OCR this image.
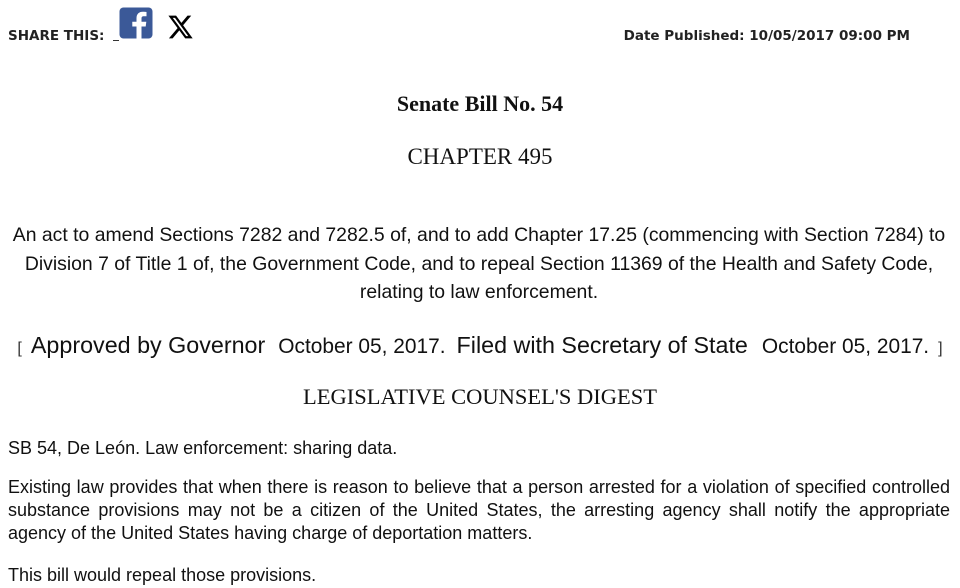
SHARE THIS:	Date Published: 10/05/2017 09:00 PM
Senate Bill No. 54
CHAPTER 495

An act to amend Sections 7282 and 7282.5 of, and to add Chapter 17.25 (commencing with Section 7284) to Division 7 of Title 1 of, the Government Code, and to repeal Section 11369 of the Health and Safety Code, relating to law enforcement.

[ Approved by Governor October 05, 2017. Filed with Secretary of State October 05, 2017. ]
LEGISLATIVE COUNSEL'S DIGEST

SB 54, De León. Law enforcement: sharing data.

Existing law provides that when there is reason to believe that a person arrested for a violation of specified controlled substance provisions may not be a citizen of the United States, the arresting agency shall notify the appropriate agency of the United States having charge of deportation matters.

This bill would repeal those provisions.
